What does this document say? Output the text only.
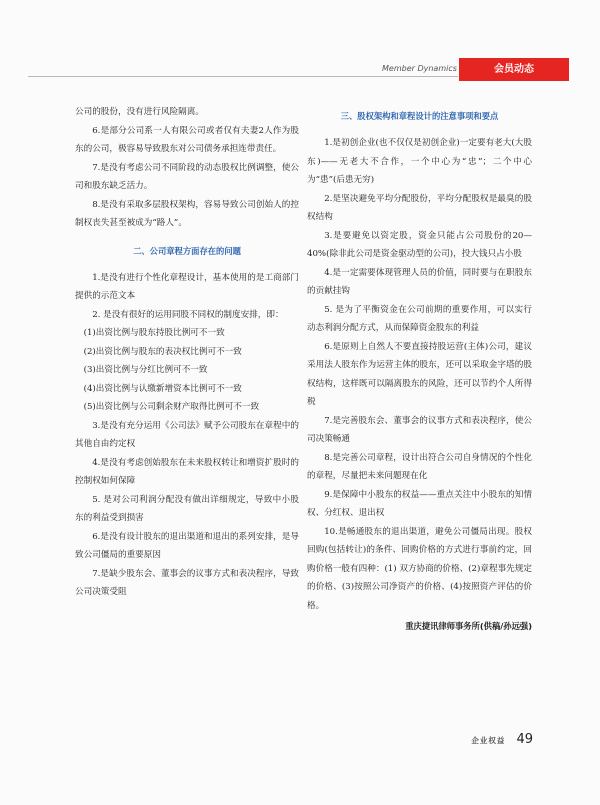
Member Dynamics	会员动态

公司的股份，没有进行风险隔离。

6.是部分公司系一人有限公司或者仅有夫妻2人作为股东的公司，极容易导致股东对公司债务承担连带责任。

7.是没有考虑公司不同阶段的动态股权比例调整，使公司和股东缺乏活力。

8.是没有采取多层股权架构，容易导致公司创始人的控制权丧失甚至被成为“路人”。

二、公司章程方面存在的问题

1.是没有进行个性化章程设计，基本使用的是工商部门提供的示范文本

2. 是没有很好的运用同股不同权的制度安排，即：

(1)出资比例与股东持股比例可不一致

(2)出资比例与股东的表决权比例可不一致

(3)出资比例与分红比例可不一致

(4)出资比例与认缴新增资本比例可不一致

(5)出资比例与公司剩余财产取得比例可不一致

3.是没有充分运用《公司法》赋予公司股东在章程中的其他自由约定权

4.是没有考虑创始股东在未来股权转让和增资扩股时的控制权如何保障

5. 是对公司利润分配没有做出详细规定，导致中小股东的利益受到损害

6.是没有设计股东的退出渠道和退出的系列安排，是导致公司僵局的重要原因

7.是缺少股东会、董事会的议事方式和表决程序，导致公司决策受阻

三、股权架构和章程设计的注意事项和要点

1.是初创企业(也不仅仅是初创企业)一定要有老大(大股东)——无老大不合作，一个中心为“忠”；二个中心为“患”(后患无穷)

2.是坚决避免平均分配股份，平均分配股权是最臭的股权结构

3.是要避免以资定股，资金只能占公司股份的20—40%(除非此公司是资金驱动型的公司)，投大钱只占小股

4.是一定需要体现管理人员的价值，同时要与在职股东的贡献挂钩

5. 是为了平衡资金在公司前期的重要作用，可以实行动态利润分配方式，从而保障资金股东的利益

6.是原则上自然人不要直接持股运营(主体)公司，建议采用法人股东作为运营主体的股东，还可以采取金字塔的股权结构，这样既可以隔离股东的风险，还可以节约个人所得税

7.是完善股东会、董事会的议事方式和表决程序，使公司决策畅通

8.是完善公司章程，设计出符合公司自身情况的个性化的章程，尽量把未来问题现在化

9.是保障中小股东的权益——重点关注中小股东的知情权、分红权、退出权

10.是畅通股东的退出渠道，避免公司僵局出现。股权回购(包括转让)的条件、回购价格的方式进行事前约定，回购价格一般有四种：(1) 双方协商的价格、(2)章程事先规定的价格、(3)按照公司净资产的价格、(4)按照资产评估的价格。

重庆捷讯律师事务所(供稿/孙远强)
企业权益 49
